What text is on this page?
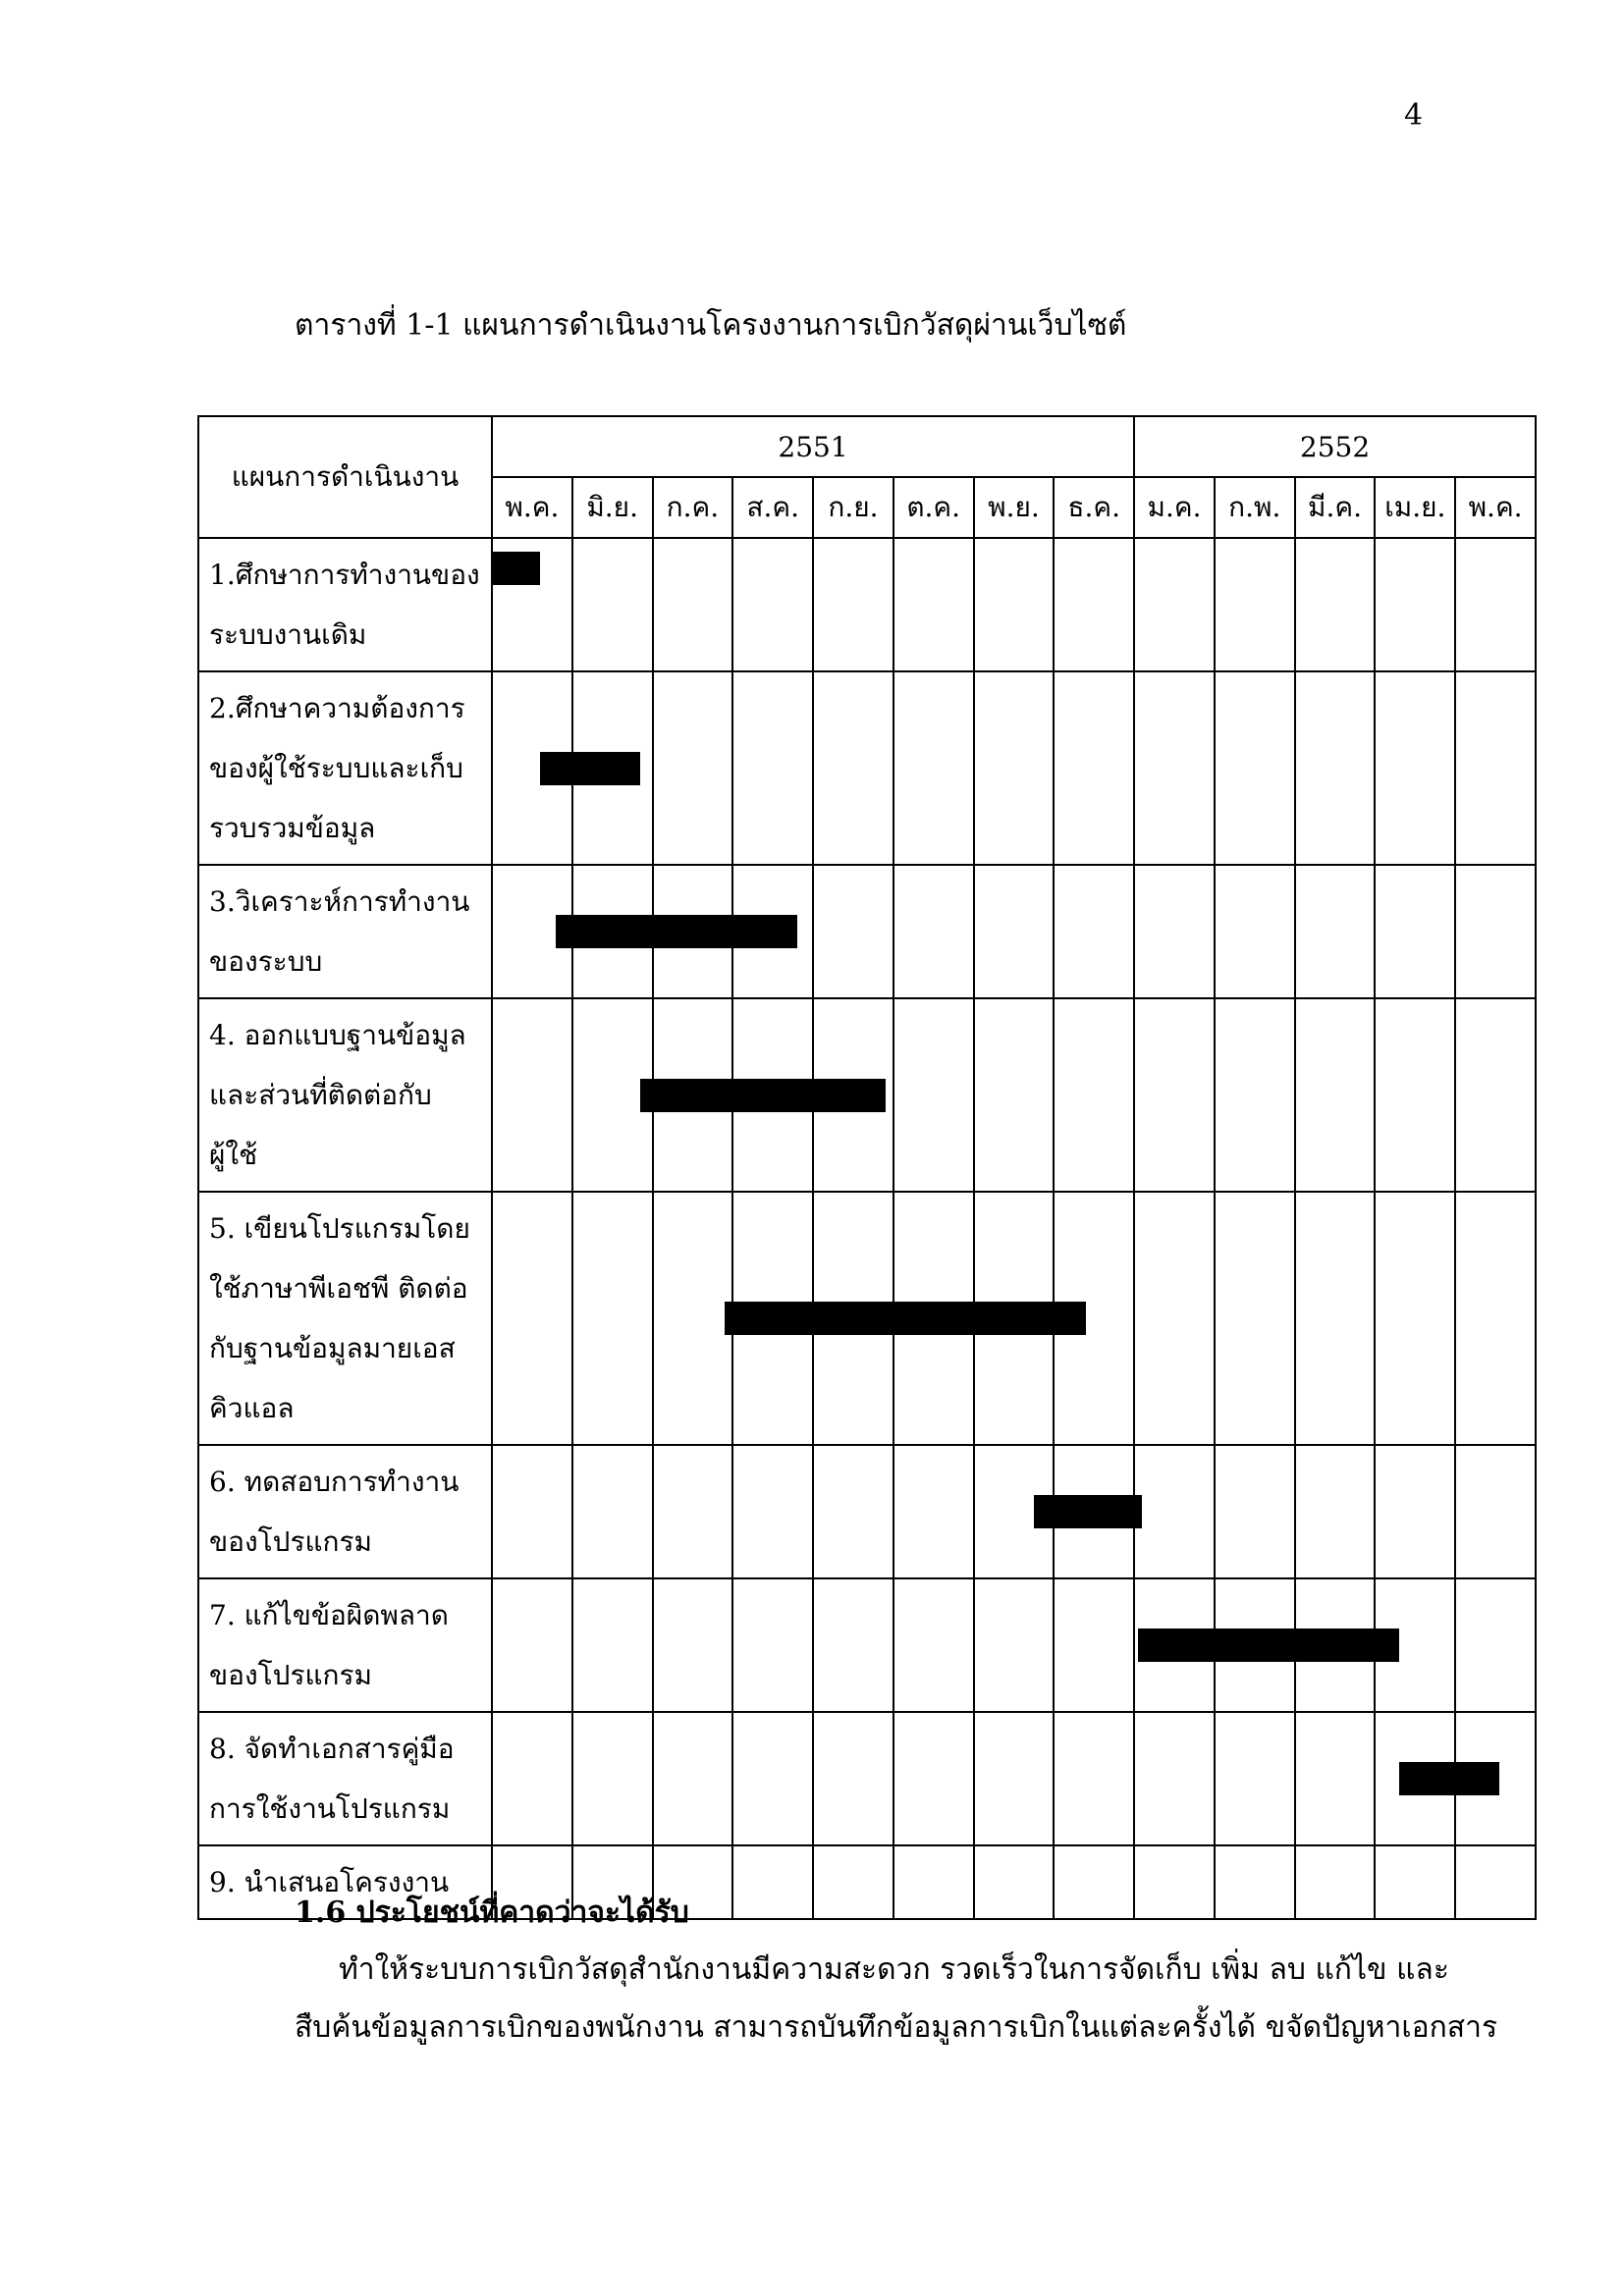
4
ตารางที่ 1-1 แผนการดำเนินงานโครงงานการเบิกวัสดุผ่านเว็บไซต์
แผนการดำเนินงาน	2551								2552				
	พ.ค.	มิ.ย.	ก.ค.	ส.ค.	ก.ย.	ต.ค.	พ.ย.	ธ.ค.	ม.ค.	ก.พ.	มี.ค.	เม.ย.	พ.ค.

1.ศึกษาการทำงานของ
ระบบงานเดิม													

2.ศึกษาความต้องการ
ของผู้ใช้ระบบและเก็บ
รวบรวมข้อมูล													

3.วิเคราะห์การทำงาน
ของระบบ													

4. ออกแบบฐานข้อมูล
และส่วนที่ติดต่อกับ
ผู้ใช้													

5. เขียนโปรแกรมโดย
ใช้ภาษาพีเอชพี ติดต่อ
กับฐานข้อมูลมายเอส
คิวแอล													

6. ทดสอบการทำงาน
ของโปรแกรม													

7. แก้ไขข้อผิดพลาด
ของโปรแกรม													

8. จัดทำเอกสารคู่มือ
การใช้งานโปรแกรม													

9. นำเสนอโครงงาน													

1.6 ประโยชน์ที่คาดว่าจะได้รับ
ทำให้ระบบการเบิกวัสดุสำนักงานมีความสะดวก รวดเร็วในการจัดเก็บ เพิ่ม ลบ แก้ไข และ
สืบค้นข้อมูลการเบิกของพนักงาน สามารถบันทึกข้อมูลการเบิกในแต่ละครั้งได้ ขจัดปัญหาเอกสาร
